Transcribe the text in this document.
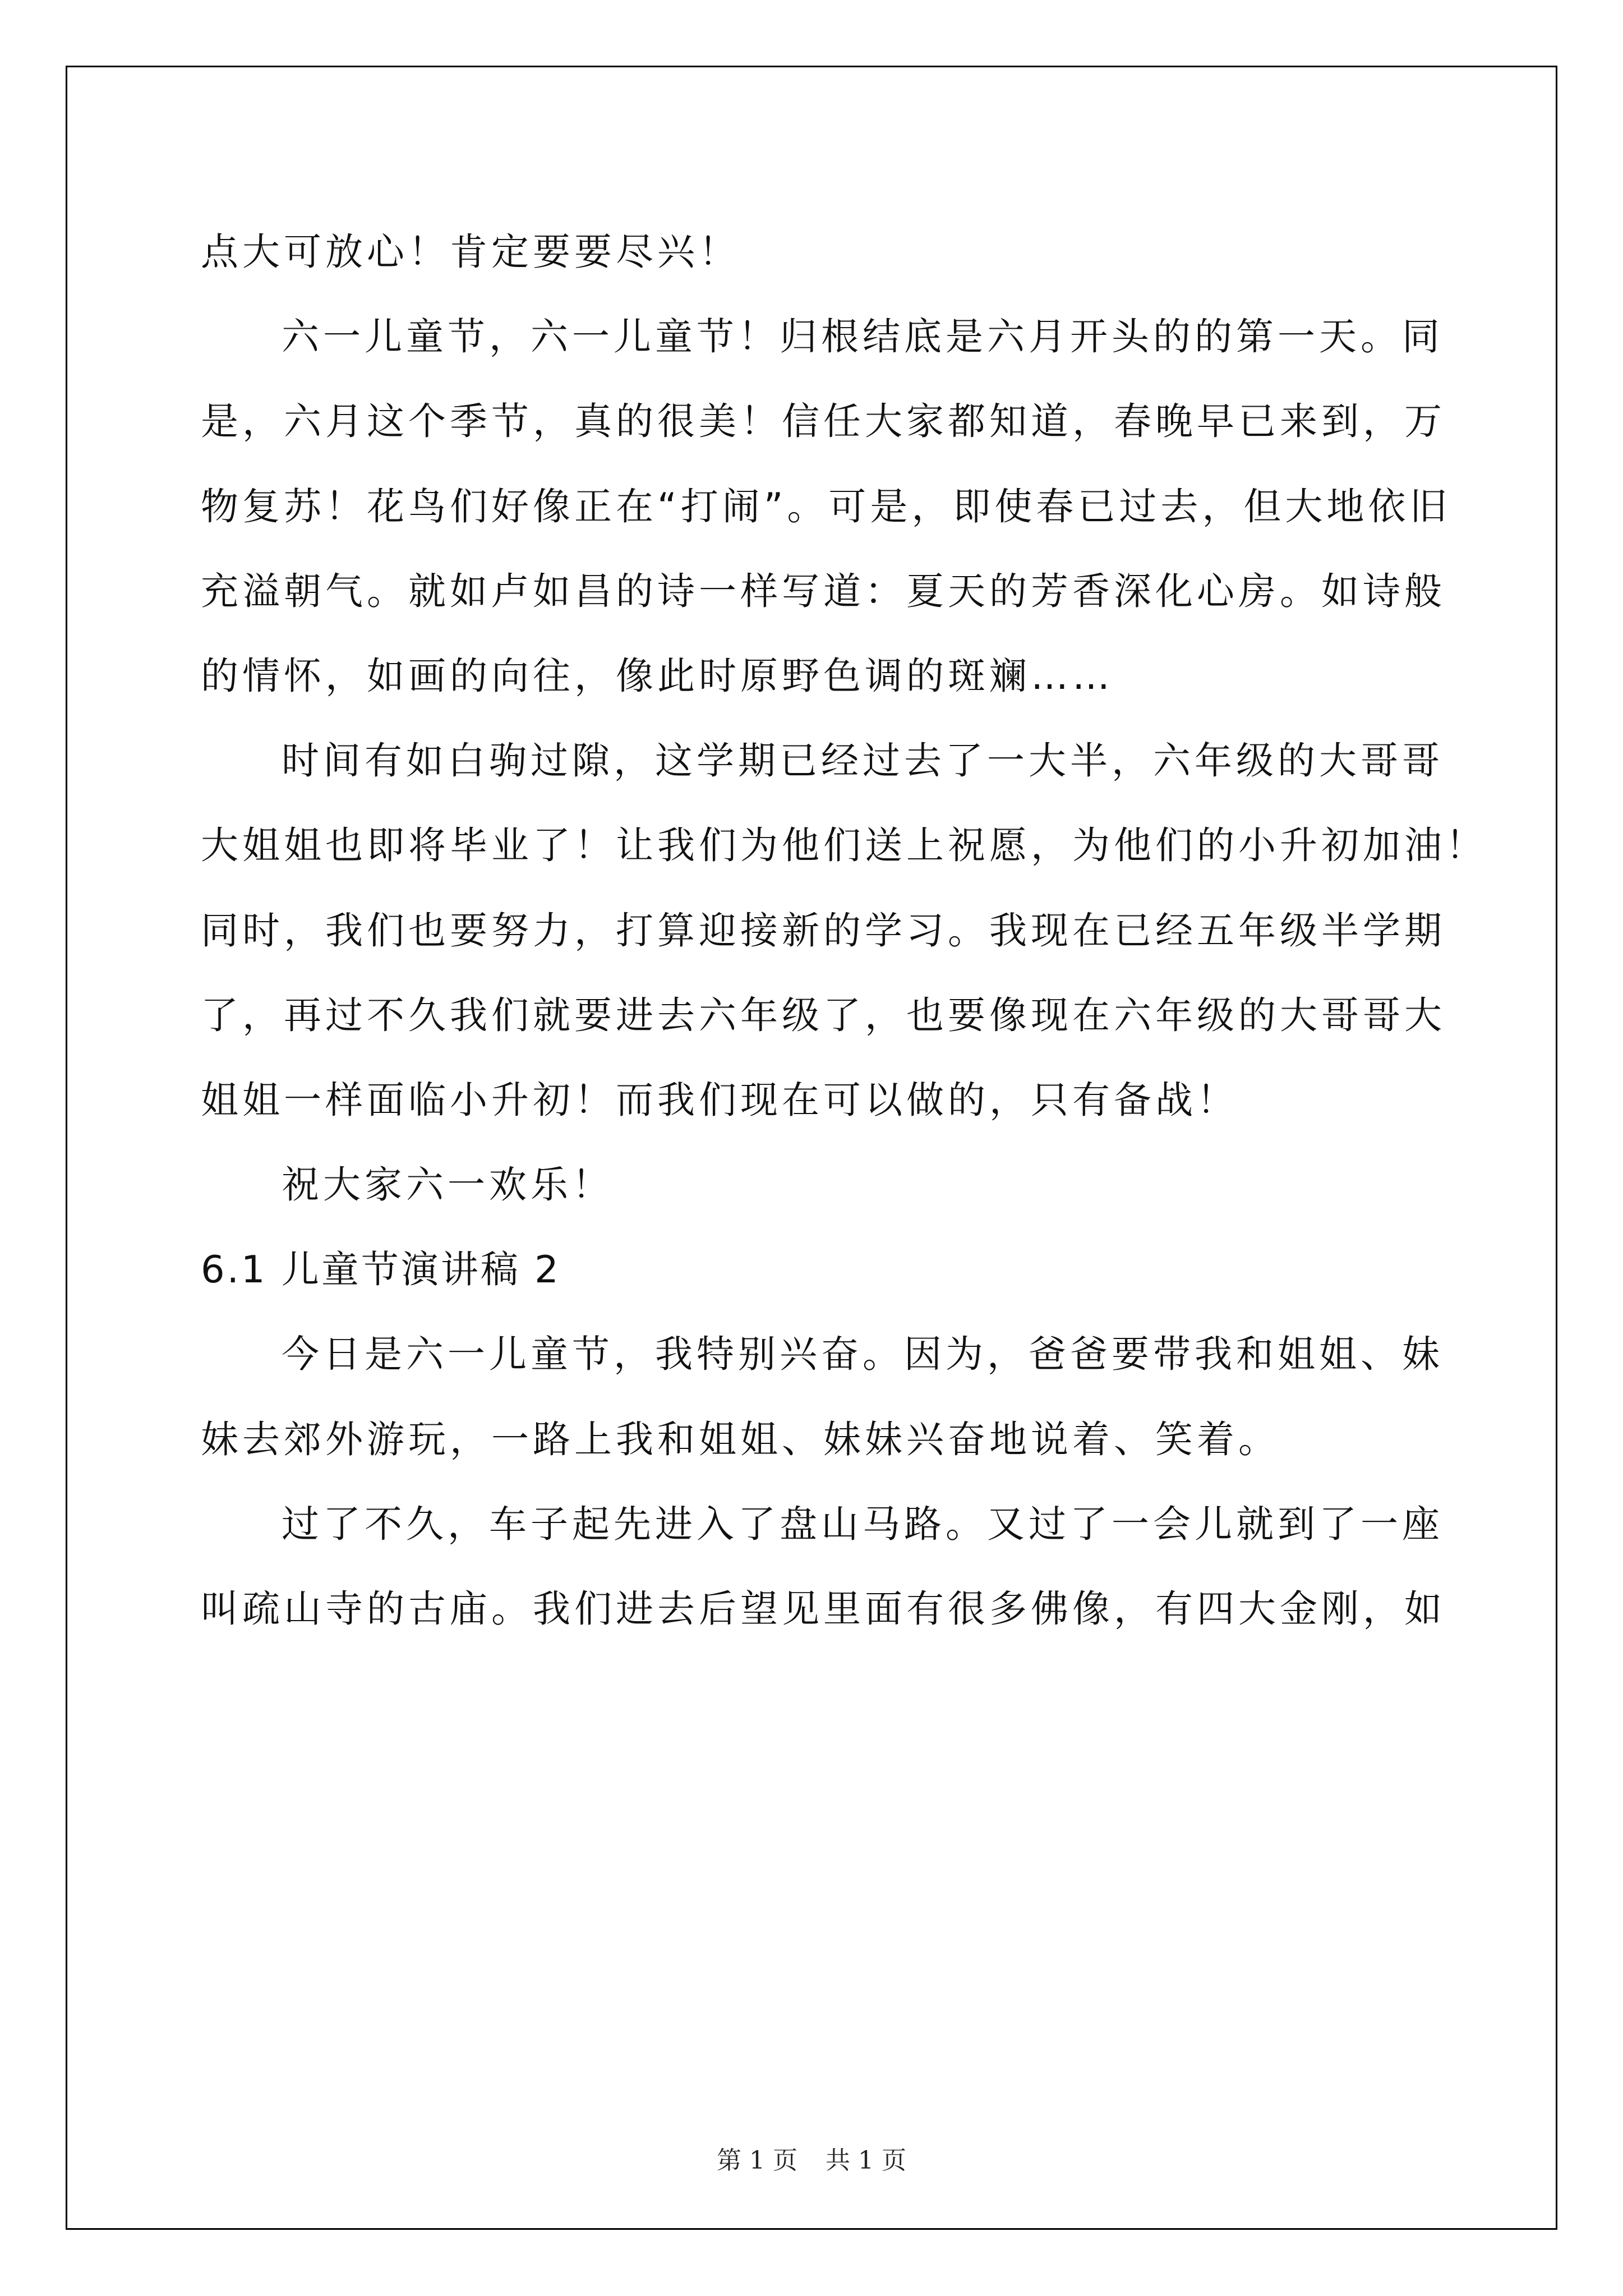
点大可放心！肯定要要尽兴！
六一儿童节，六一儿童节！归根结底是六月开头的的第一天。同
是，六月这个季节，真的很美！信任大家都知道，春晚早已来到，万
物复苏！花鸟们好像正在“打闹”。可是，即使春已过去，但大地依旧
充溢朝气。就如卢如昌的诗一样写道：夏天的芳香深化心房。如诗般
的情怀，如画的向往，像此时原野色调的斑斓……
时间有如白驹过隙，这学期已经过去了一大半，六年级的大哥哥
大姐姐也即将毕业了！让我们为他们送上祝愿，为他们的小升初加油！
同时，我们也要努力，打算迎接新的学习。我现在已经五年级半学期
了，再过不久我们就要进去六年级了，也要像现在六年级的大哥哥大
姐姐一样面临小升初！而我们现在可以做的，只有备战！
祝大家六一欢乐！
6.1 儿童节演讲稿 2
今日是六一儿童节，我特别兴奋。因为，爸爸要带我和姐姐、妹
妹去郊外游玩，一路上我和姐姐、妹妹兴奋地说着、笑着。
过了不久，车子起先进入了盘山马路。又过了一会儿就到了一座
叫疏山寺的古庙。我们进去后望见里面有很多佛像，有四大金刚，如
第 1 页 共 1 页
